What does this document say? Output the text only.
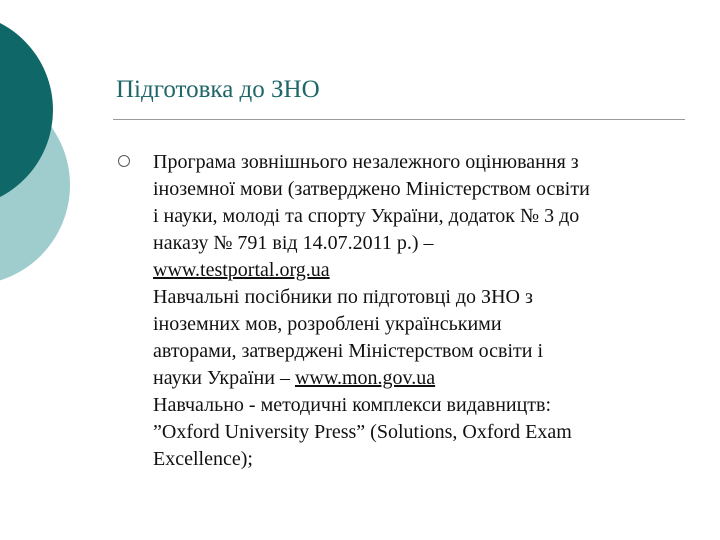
Підготовка до ЗНО
Програма зовнішнього незалежного оцінювання з
іноземної мови (затверджено Міністерством освіти
і науки, молоді та спорту України, додаток № 3 до
наказу № 791 від 14.07.2011 р.) –
www.testportal.org.ua
Навчальні посібники по підготовці до ЗНО з
іноземних мов, розроблені українськими
авторами, затверджені Міністерством освіти і
науки України – www.mon.gov.ua
Навчально - методичні комплекси видавництв:
”Oxford University Press” (Solutions, Oxford Exam
Excellence);
